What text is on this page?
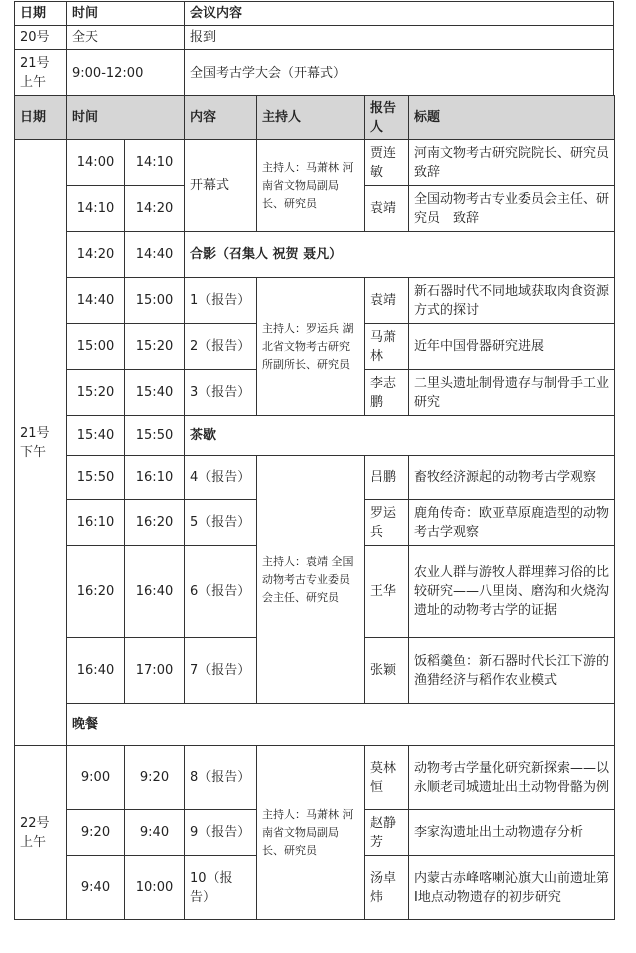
日期	时间	会议内容
20号	全天	报到
21号上午	9:00-12:00	全国考古学大会（开幕式）
日期	时间		内容	主持人	报告人	标题
21号下午	14:00	14:10	开幕式	主持人：马萧林 河南省文物局副局长、研究员	贾连敏	河南文物考古研究院院长、研究员 致辞
	14:10	14:20			袁靖	全国动物考古专业委员会主任、研究员　致辞
	14:20	14:40	合影（召集人 祝贺 聂凡）			
	14:40	15:00	1（报告）	主持人：罗运兵 湖北省文物考古研究所副所长、研究员	袁靖	新石器时代不同地域获取肉食资源方式的探讨
	15:00	15:20	2（报告）		马萧林	近年中国骨器研究进展
	15:20	15:40	3（报告）		李志鹏	二里头遗址制骨遗存与制骨手工业研究
	15:40	15:50	茶歇			
	15:50	16:10	4（报告）	主持人：袁靖 全国动物考古专业委员会主任、研究员	吕鹏	畜牧经济源起的动物考古学观察
	16:10	16:20	5（报告）		罗运兵	鹿角传奇：欧亚草原鹿造型的动物考古学观察
	16:20	16:40	6（报告）		王华	农业人群与游牧人群埋葬习俗的比较研究——八里岗、磨沟和火烧沟遗址的动物考古学的证据
	16:40	17:00	7（报告）		张颖	饭稻羹鱼：新石器时代长江下游的渔猎经济与稻作农业模式
	晚餐					
22号上午	9:00	9:20	8（报告）	主持人：马萧林 河南省文物局副局长、研究员	莫林恒	动物考古学量化研究新探索——以永顺老司城遗址出土动物骨骼为例
	9:20	9:40	9（报告）		赵静芳	李家沟遗址出土动物遗存分析
	9:40	10:00	10（报告）		汤卓炜	内蒙古赤峰喀喇沁旗大山前遗址第Ⅰ地点动物遗存的初步研究
